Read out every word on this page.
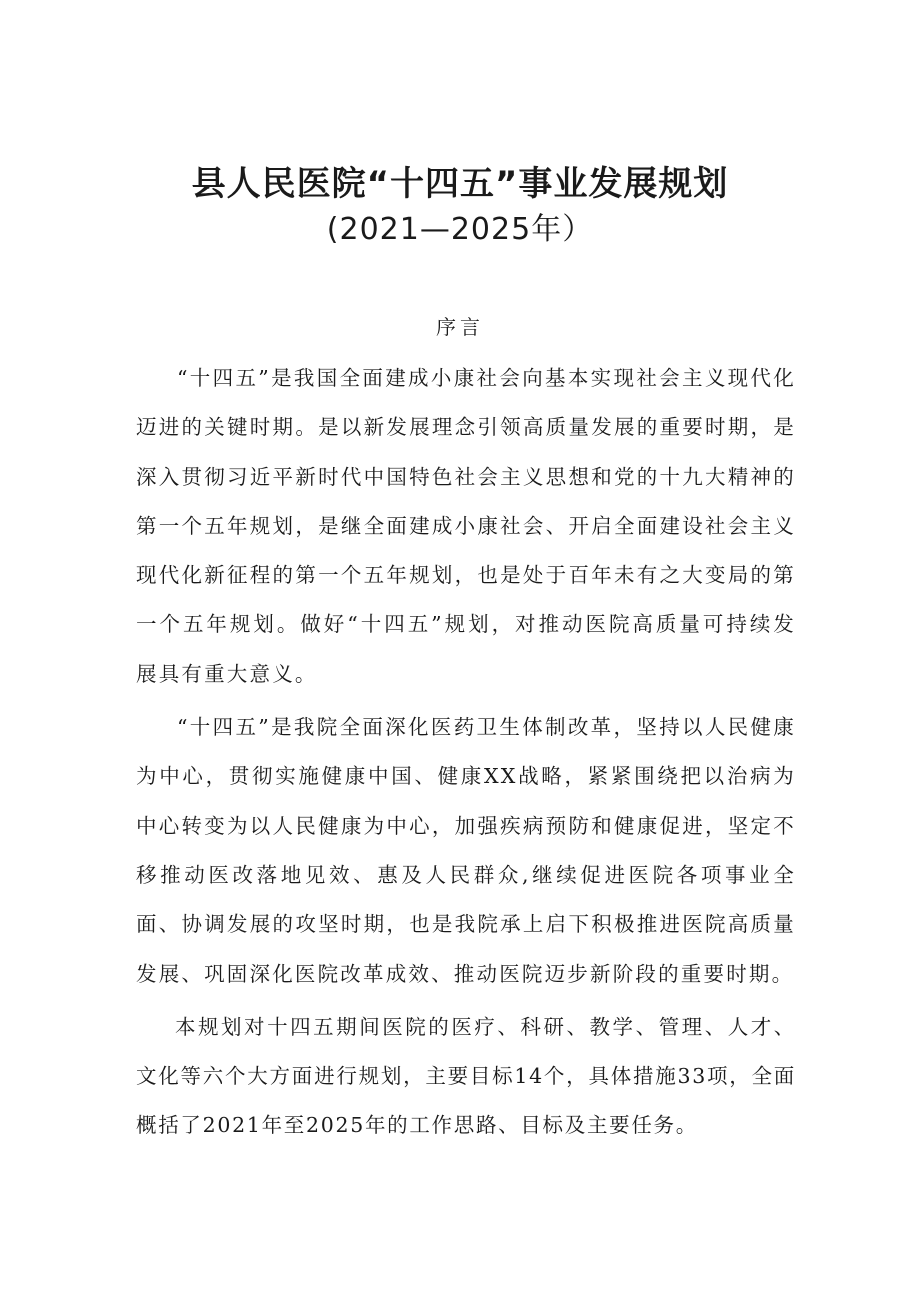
县人民医院“十四五”事业发展规划
(2021—2025年）
序言

“十四五”是我国全面建成小康社会向基本实现社会主义现代化迈进的关键时期。是以新发展理念引领高质量发展的重要时期，是深入贯彻习近平新时代中国特色社会主义思想和党的十九大精神的第一个五年规划，是继全面建成小康社会、开启全面建设社会主义现代化新征程的第一个五年规划，也是处于百年未有之大变局的第一个五年规划。做好“十四五”规划，对推动医院高质量可持续发展具有重大意义。

“十四五”是我院全面深化医药卫生体制改革，坚持以人民健康为中心，贯彻实施健康中国、健康XX战略，紧紧围绕把以治病为中心转变为以人民健康为中心，加强疾病预防和健康促进，坚定不移推动医改落地见效、惠及人民群众,继续促进医院各项事业全面、协调发展的攻坚时期，也是我院承上启下积极推进医院高质量发展、巩固深化医院改革成效、推动医院迈步新阶段的重要时期。

本规划对十四五期间医院的医疗、科研、教学、管理、人才、文化等六个大方面进行规划，主要目标14个，具体措施33项，全面概括了2021年至2025年的工作思路、目标及主要任务。
